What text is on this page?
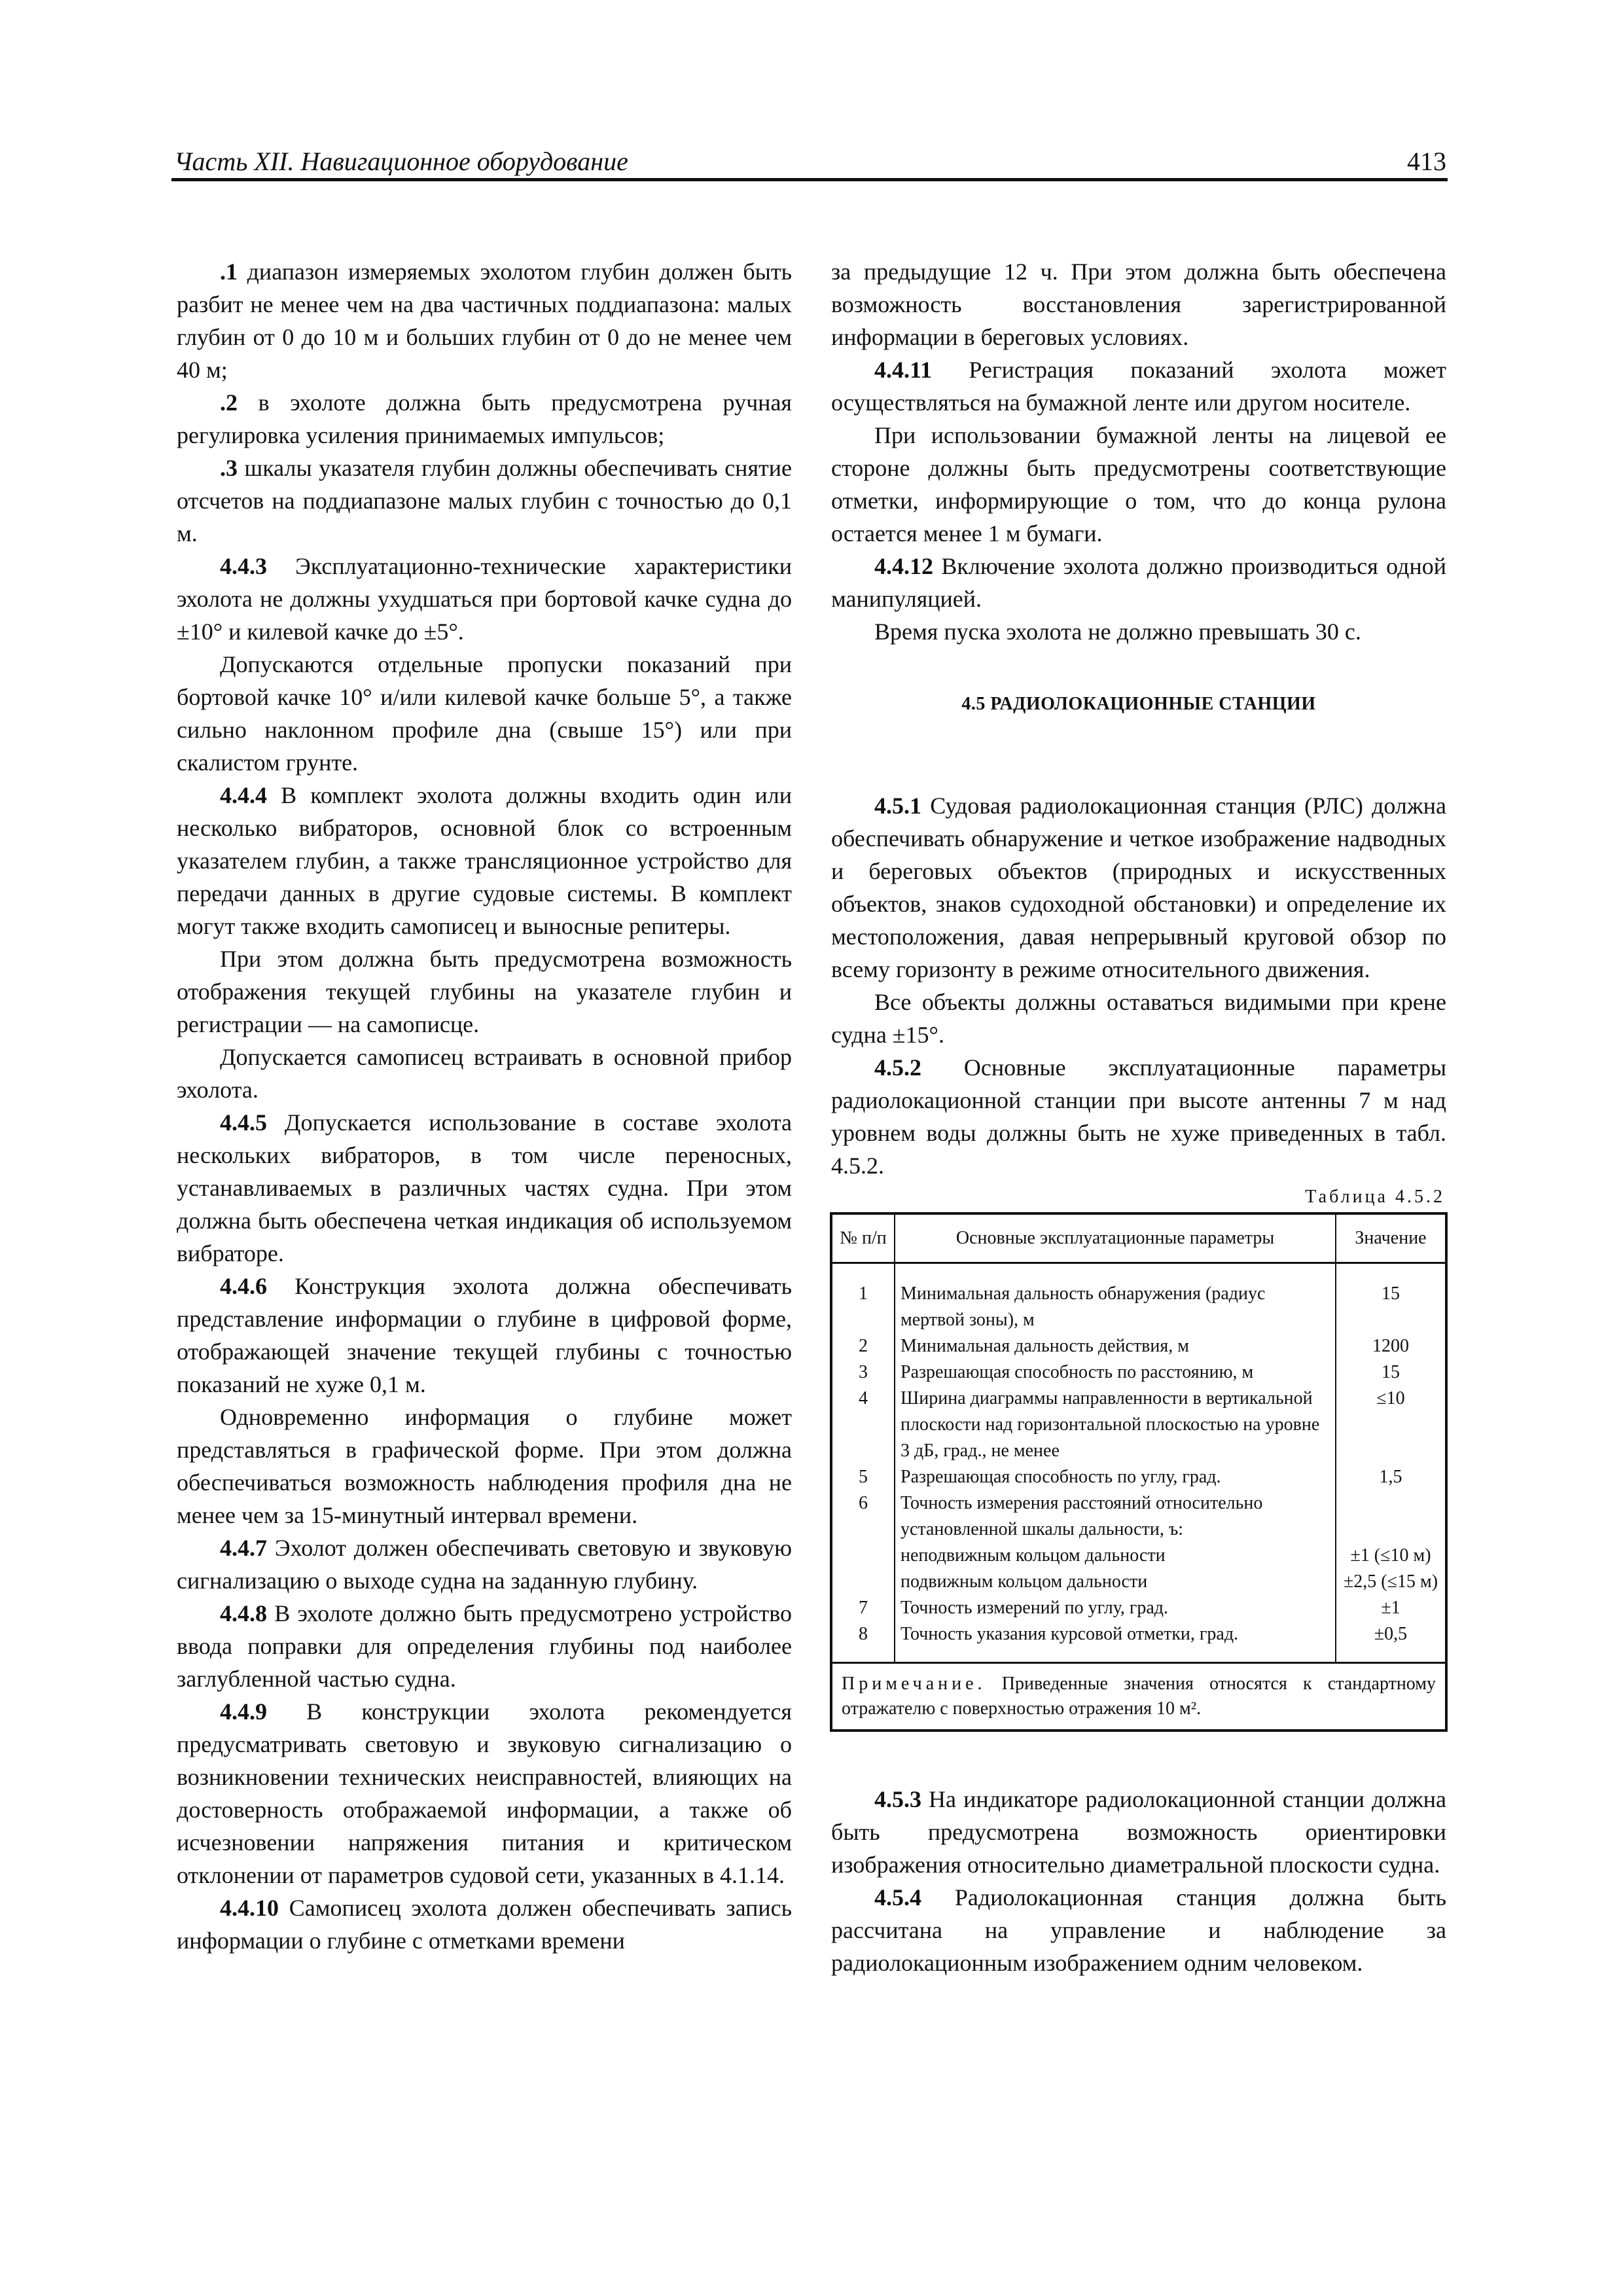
Часть XII. Навигационное оборудование	413

.1 диапазон измеряемых эхолотом глубин должен быть разбит не менее чем на два частичных поддиапазона: малых глубин от 0 до 10 м и больших глубин от 0 до не менее чем 40 м;

.2 в эхолоте должна быть предусмотрена ручная регулировка усиления принимаемых импульсов;

.3 шкалы указателя глубин должны обеспечивать снятие отсчетов на поддиапазоне малых глубин с точностью до 0,1 м.

4.4.3 Эксплуатационно-технические характеристики эхолота не должны ухудшаться при бортовой качке судна до ±10° и килевой качке до ±5°.

Допускаются отдельные пропуски показаний при бортовой качке 10° и/или килевой качке больше 5°, а также сильно наклонном профиле дна (свыше 15°) или при скалистом грунте.

4.4.4 В комплект эхолота должны входить один или несколько вибраторов, основной блок со встроенным указателем глубин, а также трансляционное устройство для передачи данных в другие судовые системы. В комплект могут также входить самописец и выносные репитеры.

При этом должна быть предусмотрена возможность отображения текущей глубины на указателе глубин и регистрации — на самописце.

Допускается самописец встраивать в основной прибор эхолота.

4.4.5 Допускается использование в составе эхолота нескольких вибраторов, в том числе переносных, устанавливаемых в различных частях судна. При этом должна быть обеспечена четкая индикация об используемом вибраторе.

4.4.6 Конструкция эхолота должна обеспечивать представление информации о глубине в цифровой форме, отображающей значение текущей глубины с точностью показаний не хуже 0,1 м.

Одновременно информация о глубине может представляться в графической форме. При этом должна обеспечиваться возможность наблюдения профиля дна не менее чем за 15-минутный интервал времени.

4.4.7 Эхолот должен обеспечивать световую и звуковую сигнализацию о выходе судна на заданную глубину.

4.4.8 В эхолоте должно быть предусмотрено устройство ввода поправки для определения глубины под наиболее заглубленной частью судна.

4.4.9 В конструкции эхолота рекомендуется предусматривать световую и звуковую сигнализацию о возникновении технических неисправностей, влияющих на достоверность отображаемой информации, а также об исчезновении напряжения питания и критическом отклонении от параметров судовой сети, указанных в 4.1.14.

4.4.10 Самописец эхолота должен обеспечивать запись информации о глубине с отметками времени

за предыдущие 12 ч. При этом должна быть обеспечена возможность восстановления зарегистрированной информации в береговых условиях.

4.4.11 Регистрация показаний эхолота может осуществляться на бумажной ленте или другом носителе.

При использовании бумажной ленты на лицевой ее стороне должны быть предусмотрены соответствующие отметки, информирующие о том, что до конца рулона остается менее 1 м бумаги.

4.4.12 Включение эхолота должно производиться одной манипуляцией.

Время пуска эхолота не должно превышать 30 с.

4.5 РАДИОЛОКАЦИОННЫЕ СТАНЦИИ

4.5.1 Судовая радиолокационная станция (РЛС) должна обеспечивать обнаружение и четкое изображение надводных и береговых объектов (природных и искусственных объектов, знаков судоходной обстановки) и определение их местоположения, давая непрерывный круговой обзор по всему горизонту в режиме относительного движения.

Все объекты должны оставаться видимыми при крене судна ±15°.

4.5.2 Основные эксплуатационные параметры радиолокационной станции при высоте антенны 7 м над уровнем воды должны быть не хуже приведенных в табл. 4.5.2.

Таблица 4.5.2
№ п/п	Основные эксплуатационные параметры	Значение
1	Минимальная дальность обнаружения (радиус мертвой зоны), м	15
2	Минимальная дальность действия, м	1200
3	Разрешающая способность по расстоянию, м	15
4	Ширина диаграммы направленности в вертикальной плоскости над горизонтальной плоскостью на уровне 3 дБ, град., не менее	≤10
5	Разрешающая способность по углу, град.	1,5
6	Точность измерения расстояний относительно установленной шкалы дальности, ъ:	
	неподвижным кольцом дальности	±1 (≤10 м)
	подвижным кольцом дальности	±2,5 (≤15 м)
7	Точность измерений по углу, град.	±1
8	Точность указания курсовой отметки, град.	±0,5
Примечание. Приведенные значения относятся к стандартному отражателю с поверхностью отражения 10 м².		

4.5.3 На индикаторе радиолокационной станции должна быть предусмотрена возможность ориентировки изображения относительно диаметральной плоскости судна.

4.5.4 Радиолокационная станция должна быть рассчитана на управление и наблюдение за радиолокационным изображением одним человеком.
